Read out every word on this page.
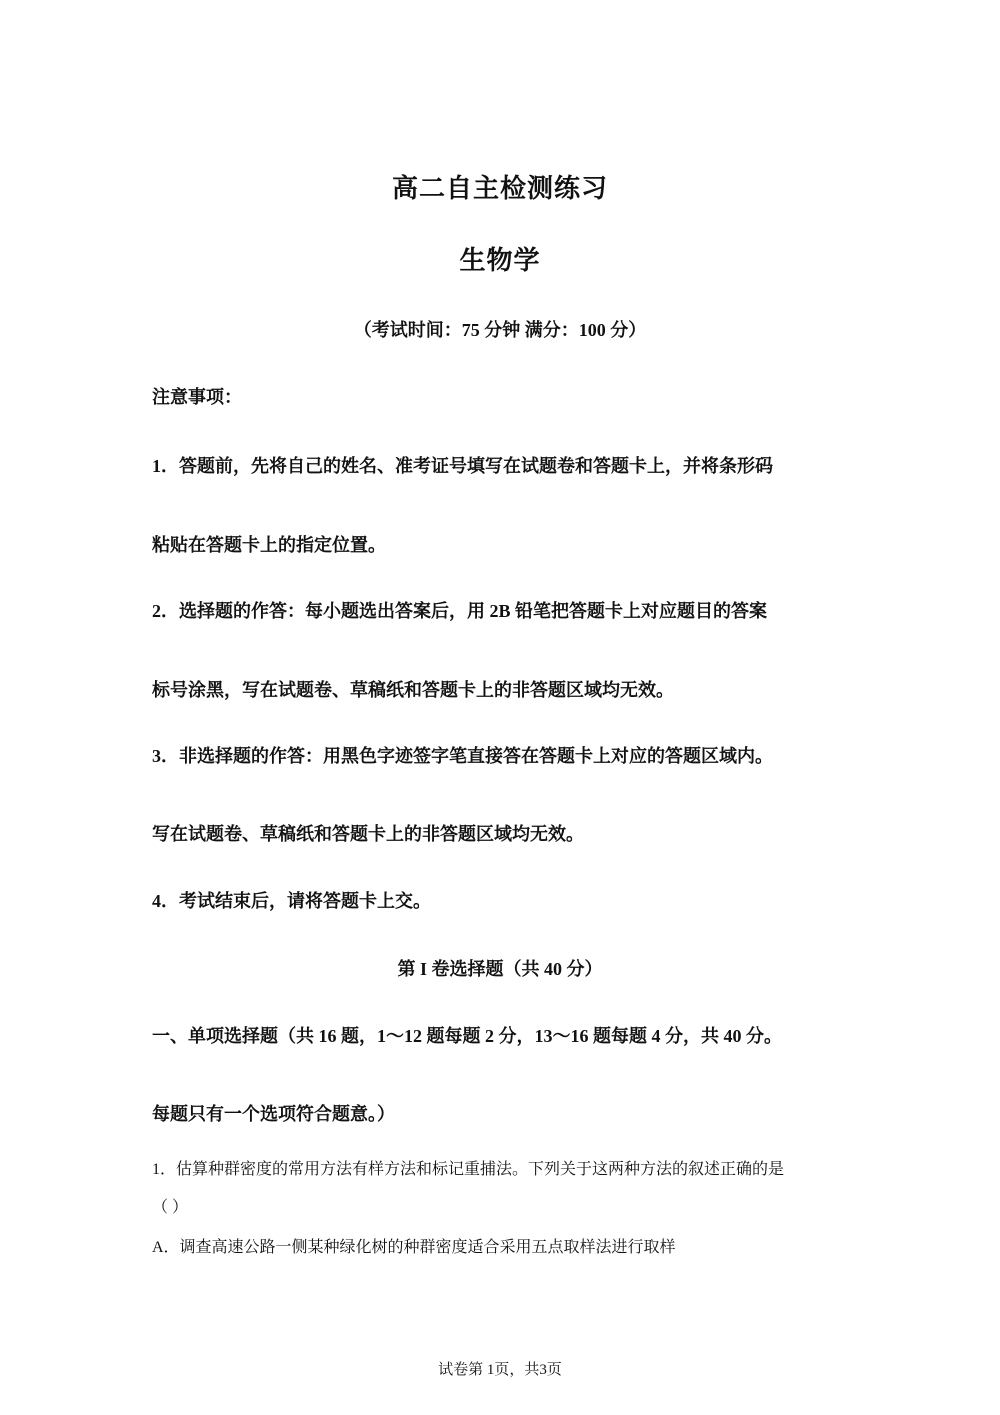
高二自主检测练习
生物学
（考试时间：75 分钟 满分：100 分）
注意事项：
1．答题前，先将自己的姓名、准考证号填写在试题卷和答题卡上，并将条形码
粘贴在答题卡上的指定位置。
2．选择题的作答：每小题选出答案后，用 2B 铅笔把答题卡上对应题目的答案
标号涂黑，写在试题卷、草稿纸和答题卡上的非答题区域均无效。
3．非选择题的作答：用黑色字迹签字笔直接答在答题卡上对应的答题区域内。
写在试题卷、草稿纸和答题卡上的非答题区域均无效。
4．考试结束后，请将答题卡上交。
第 I 卷选择题（共 40 分）
一、单项选择题（共 16 题，1～12 题每题 2 分，13～16 题每题 4 分，共 40 分。
每题只有一个选项符合题意。）
1．估算种群密度的常用方法有样方法和标记重捕法。下列关于这两种方法的叙述正确的是
（ ）
A．调查高速公路一侧某种绿化树的种群密度适合采用五点取样法进行取样
试卷第 1页，共3页
